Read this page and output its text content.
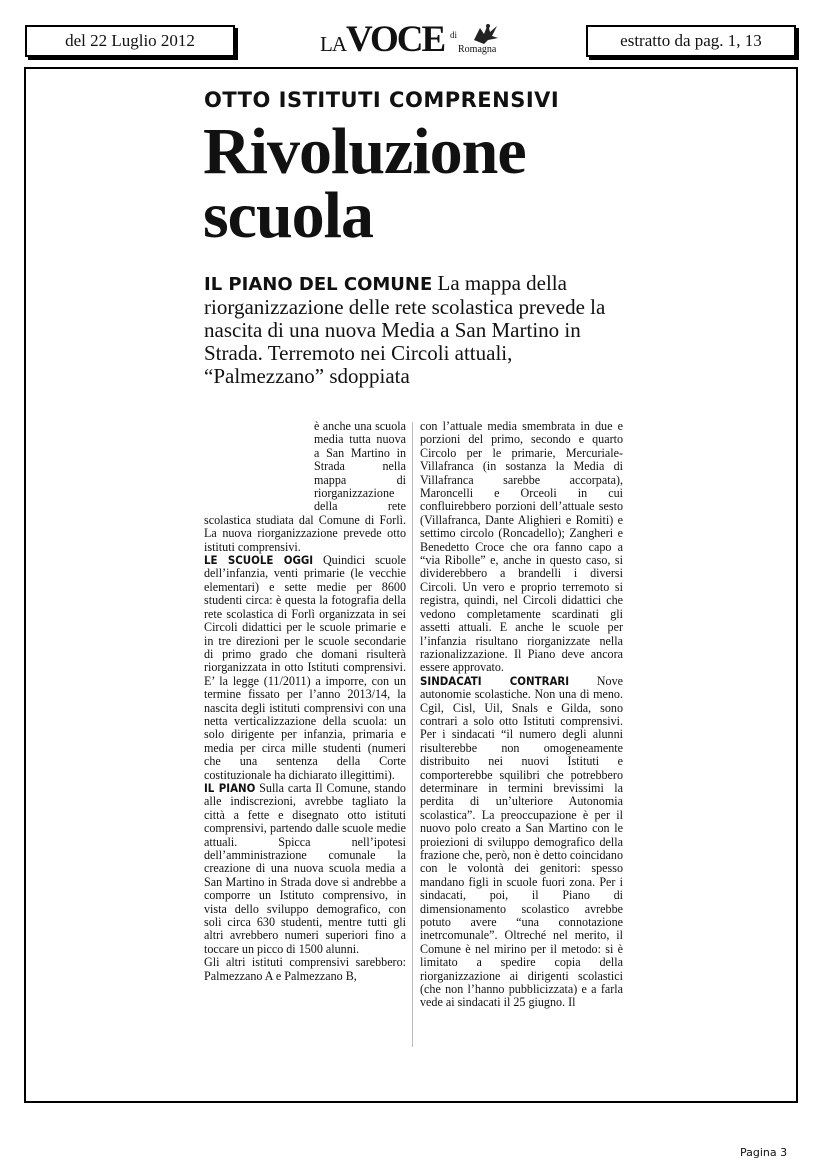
del 22 Luglio 2012	LA VOCE di
Romagna	estratto da pag. 1, 13
OTTO ISTITUTI COMPRENSIVI
Rivoluzione scuola
IL PIANO DEL COMUNE La mappa della riorganizzazione delle rete scolastica prevede la nascita di una nuova Media a San Martino in Strada. Terremoto nei Circoli attuali, “Palmezzano” sdoppiata

è anche una scuola media tutta nuova a San Martino in Strada nella mappa di riorganizzazione della rete scolastica studiata dal Comune di Forlì. La nuova riorganizzazione prevede otto istituti comprensivi.

LE SCUOLE OGGI Quindici scuole dell’infanzia, venti primarie (le vecchie elementari) e sette medie per 8600 studenti circa: è questa la fotografia della rete scolastica di Forlì organizzata in sei Circoli didattici per le scuole primarie e in tre direzioni per le scuole secondarie di primo grado che domani risulterà riorganizzata in otto Istituti comprensivi. E’ la legge (11/2011) a imporre, con un termine fissato per l’anno 2013/14, la nascita degli istituti comprensivi con una netta verticalizzazione della scuola: un solo dirigente per infanzia, primaria e media per circa mille studenti (numeri che una sentenza della Corte costituzionale ha dichiarato illegittimi).

IL PIANO Sulla carta Il Comune, stando alle indiscrezioni, avrebbe tagliato la città a fette e disegnato otto istituti comprensivi, partendo dalle scuole medie attuali. Spicca nell’ipotesi dell’amministrazione comunale la creazione di una nuova scuola media a San Martino in Strada dove si andrebbe a comporre un Istituto comprensivo, in vista dello sviluppo demografico, con soli circa 630 studenti, mentre tutti gli altri avrebbero numeri superiori fino a toccare un picco di 1500 alunni.

Gli altri istituti comprensivi sarebbero: Palmezzano A e Palmezzano B,

con l’attuale media smembrata in due e porzioni del primo, secondo e quarto Circolo per le primarie, Mercuriale-Villafranca (in sostanza la Media di Villafranca sarebbe accorpata), Maroncelli e Orceoli in cui confluirebbero porzioni dell’attuale sesto (Villafranca, Dante Alighieri e Romiti) e settimo circolo (Roncadello); Zangheri e Benedetto Croce che ora fanno capo a “via Ribolle” e, anche in questo caso, si dividerebbero a brandelli i diversi Circoli. Un vero e proprio terremoto si registra, quindi, nel Circoli didattici che vedono completamente scardinati gli assetti attuali. E anche le scuole per l’infanzia risultano riorganizzate nella razionalizzazione. Il Piano deve ancora essere approvato.

SINDACATI CONTRARI Nove autonomie scolastiche. Non una di meno. Cgil, Cisl, Uil, Snals e Gilda, sono contrari a solo otto Istituti comprensivi. Per i sindacati “il numero degli alunni risulterebbe non omogeneamente distribuito nei nuovi Istituti e comporterebbe squilibri che potrebbero determinare in termini brevissimi la perdita di un’ulteriore Autonomia scolastica”. La preoccupazione è per il nuovo polo creato a San Martino con le proiezioni di sviluppo demografico della frazione che, però, non è detto coincidano con le volontà dei genitori: spesso mandano figli in scuole fuori zona. Per i sindacati, poi, il Piano di dimensionamento scolastico avrebbe potuto avere “una connotazione inetrcomunale”. Oltreché nel merito, il Comune è nel mirino per il metodo: si è limitato a spedire copia della riorganizzazione ai dirigenti scolastici (che non l’hanno pubblicizzata) e a farla vede ai sindacati il 25 giugno. Il

Pagina 3
